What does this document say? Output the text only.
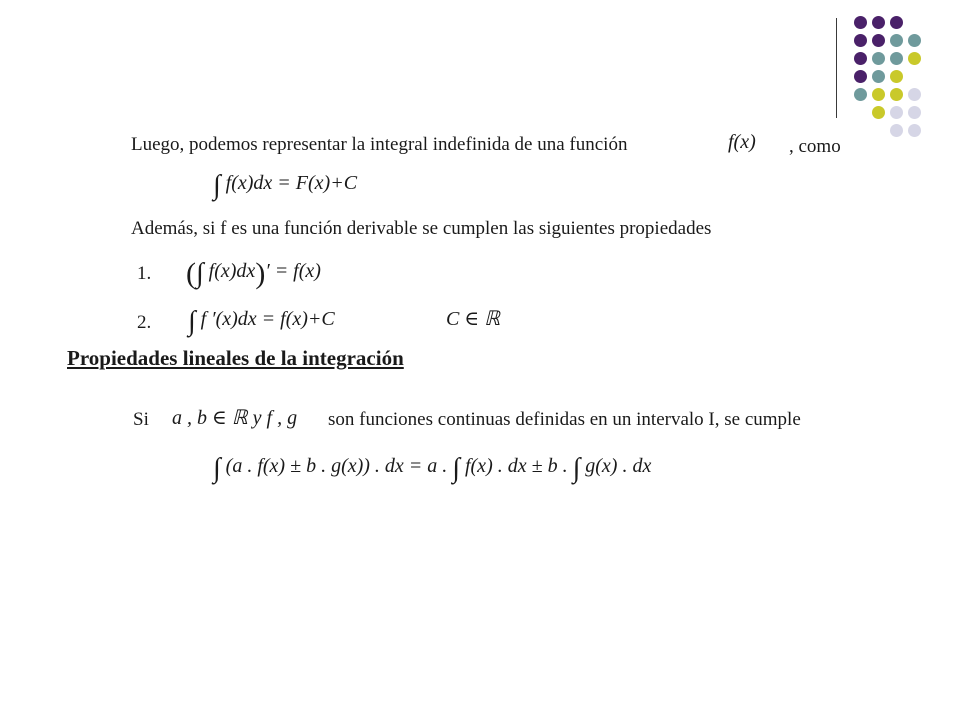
Luego, podemos representar la integral indefinida de una función	f(x) , como
∫ f(x)dx = F(x)+C
Además, si f es una función derivable se cumplen las siguientes propiedades
1. (∫ f(x)dx)′ = f(x)
2. ∫ f ′(x)dx = f(x)+C	C ∈ ℝ
Propiedades lineales de la integración
Si a , b ∈ ℝ y f , g son funciones continuas definidas en un intervalo I, se cumple
∫ (a . f(x) ± b . g(x)) . dx = a . ∫ f(x) . dx ± b . ∫ g(x) . dx
